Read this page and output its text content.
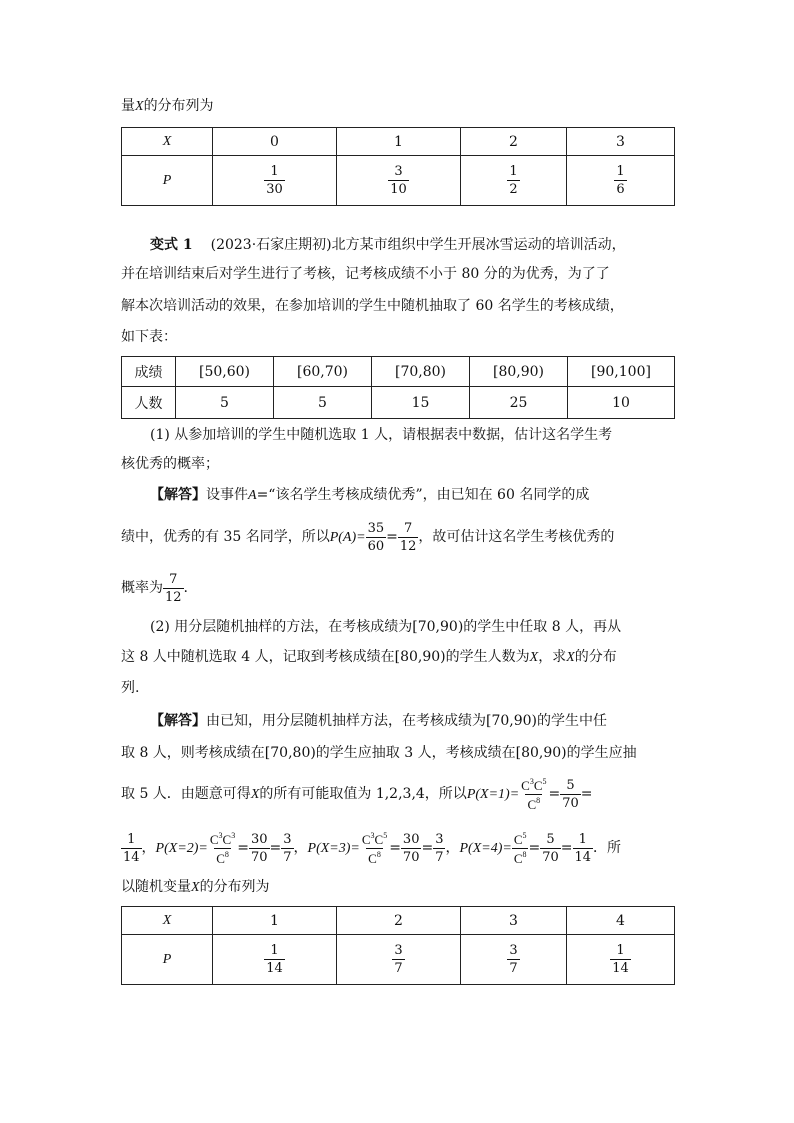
量X的分布列为
X	0	1	2	3
P	$\frac{1}{30}$	$\frac{3}{10}$	$\frac{1}{2}$	$\frac{1}{6}$
变式 1 (2023·石家庄期初)北方某市组织中学生开展冰雪运动的培训活动，
并在培训结束后对学生进行了考核，记考核成绩不小于 80 分的为优秀，为了了
解本次培训活动的效果，在参加培训的学生中随机抽取了 60 名学生的考核成绩，
如下表：
成绩	[50,60)	[60,70)	[70,80)	[80,90)	[90,100]
人数	5	5	15	25	10
(1) 从参加培训的学生中随机选取 1 人，请根据表中数据，估计这名学生考
核优秀的概率；
【解答】设事件A=“该名学生考核成绩优秀”，由已知在 60 名同学的成
绩中，优秀的有 35 名同学，所以$P(A)= \frac{35}{60} = \frac{7}{12}$ ，故可估计这名学生考核优秀的
概率为 $\frac{7}{12}$ .
(2) 用分层随机抽样的方法，在考核成绩为[70,90)的学生中任取 8 人，再从
这 8 人中随机选取 4 人，记取到考核成绩在[80,90)的学生人数为X，求X的分布
列.
【解答】由已知，用分层随机抽样方法，在考核成绩为[70,90)的学生中任
取 8 人，则考核成绩在[70,80)的学生应抽取 3 人，考核成绩在[80,90)的学生应抽
取 5 人．由题意可得X的所有可能取值为 1,2,3,4，所以$P(X=1)= \frac{C^3C^5}{C^8} = \frac{5}{70}$ =
$\frac{1}{14}$ ，$P(X=2)= \frac{C^3C^3}{C^8} = \frac{30}{70} = \frac{3}{7}$ ，$P(X=3)= \frac{C^3C^5}{C^8} = \frac{30}{70} = \frac{3}{7}$ ，$P(X=4)= \frac{C^5}{C^8} = \frac{5}{70} = \frac{1}{14}$ ．所
以随机变量X的分布列为
X	1	2	3	4
P	$\frac{1}{14}$	$\frac{3}{7}$	$\frac{3}{7}$	$\frac{1}{14}$
